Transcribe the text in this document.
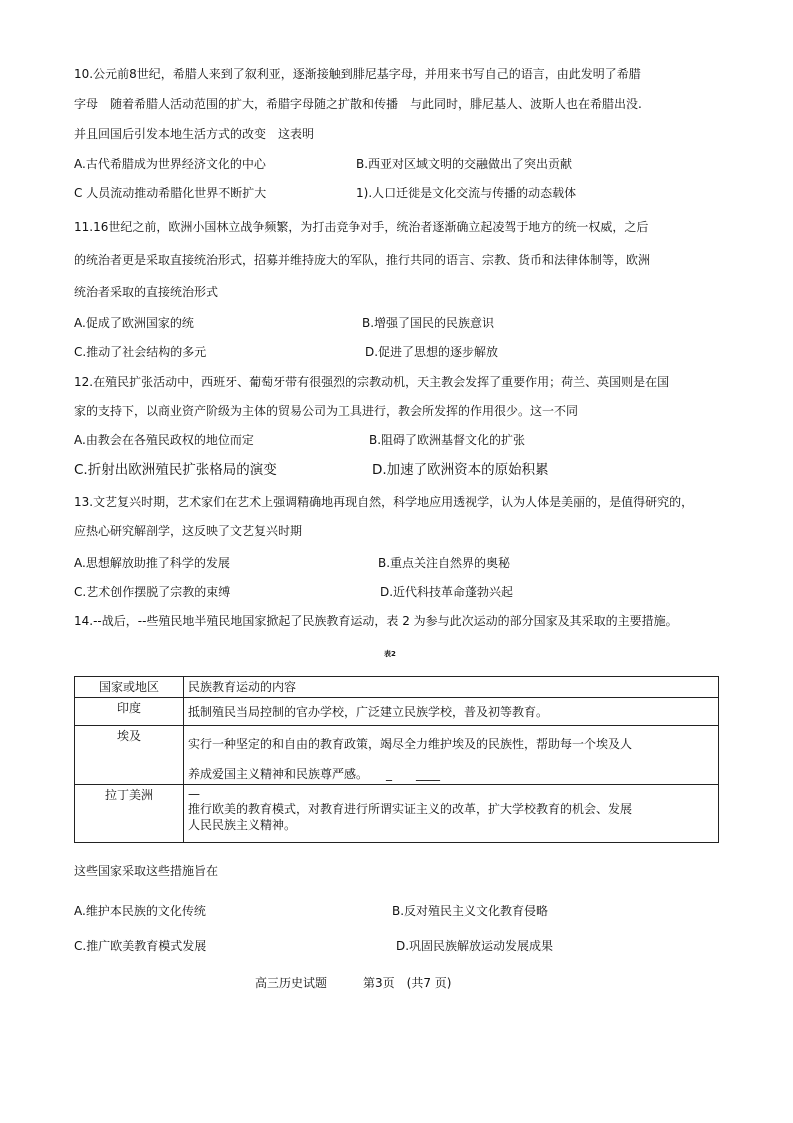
10.公元前8世纪，希腊人来到了叙利亚，逐渐接触到腓尼基字母，并用来书写自己的语言，由此发明了希腊
字母　随着希腊人活动范围的扩大，希腊字母随之扩散和传播　与此同时，腓尼基人、波斯人也在希腊出没.
并且回国后引发本地生活方式的改变　这表明
A.古代希腊成为世界经济文化的中心	B.西亚对区域文明的交融做出了突出贡献
C 人员流动推动希腊化世界不断扩大	1).人口迁徙是文化交流与传播的动态载体
11.16世纪之前，欧洲小国林立战争频繁，为打击竞争对手，统治者逐渐确立起凌驾于地方的统一权威，之后
的统治者更是采取直接统治形式，招募并维持庞大的军队，推行共同的语言、宗教、货币和法律体制等，欧洲
统治者采取的直接统治形式
A.促成了欧洲国家的统	B.增强了国民的民族意识
C.推动了社会结构的多元	D.促进了思想的逐步解放
12.在殖民扩张活动中，西班牙、葡萄牙带有很强烈的宗教动机，天主教会发挥了重要作用；荷兰、英国则是在国
家的支持下，以商业资产阶级为主体的贸易公司为工具进行，教会所发挥的作用很少。这一不同
A.由教会在各殖民政权的地位而定	B.阻碍了欧洲基督文化的扩张
C.折射出欧洲殖民扩张格局的演变	D.加速了欧洲资本的原始积累
13.文艺复兴时期，艺术家们在艺术上强调精确地再现自然，科学地应用透视学，认为人体是美丽的，是值得研究的，
应热心研究解剖学，这反映了文艺复兴时期
A.思想解放助推了科学的发展	B.重点关注自然界的奥秘
C.艺术创作摆脱了宗教的束缚	D.近代科技革命蓬勃兴起
14.--战后，--些殖民地半殖民地国家掀起了民族教育运动，表 2 为参与此次运动的部分国家及其采取的主要措施。
表2
国家或地区	民族教育运动的内容
印度	抵制殖民当局控制的官办学校，广泛建立民族学校，普及初等教育。

埃及	实行一种坚定的和自由的教育政策，竭尽全力维护埃及的民族性，帮助每一个埃及人
养成爱国主义精神和民族尊严感。　　_　　____

拉丁美洲	—
推行欧美的教育模式，对教育进行所谓实证主义的改革，扩大学校教育的机会、发展
人民民族主义精神。
这些国家采取这些措施旨在
A.维护本民族的文化传统	B.反对殖民主义文化教育侵略
C.推广欧美教育模式发展	D.巩固民族解放运动发展成果
高三历史试题　　　第3页　(共7 页)
